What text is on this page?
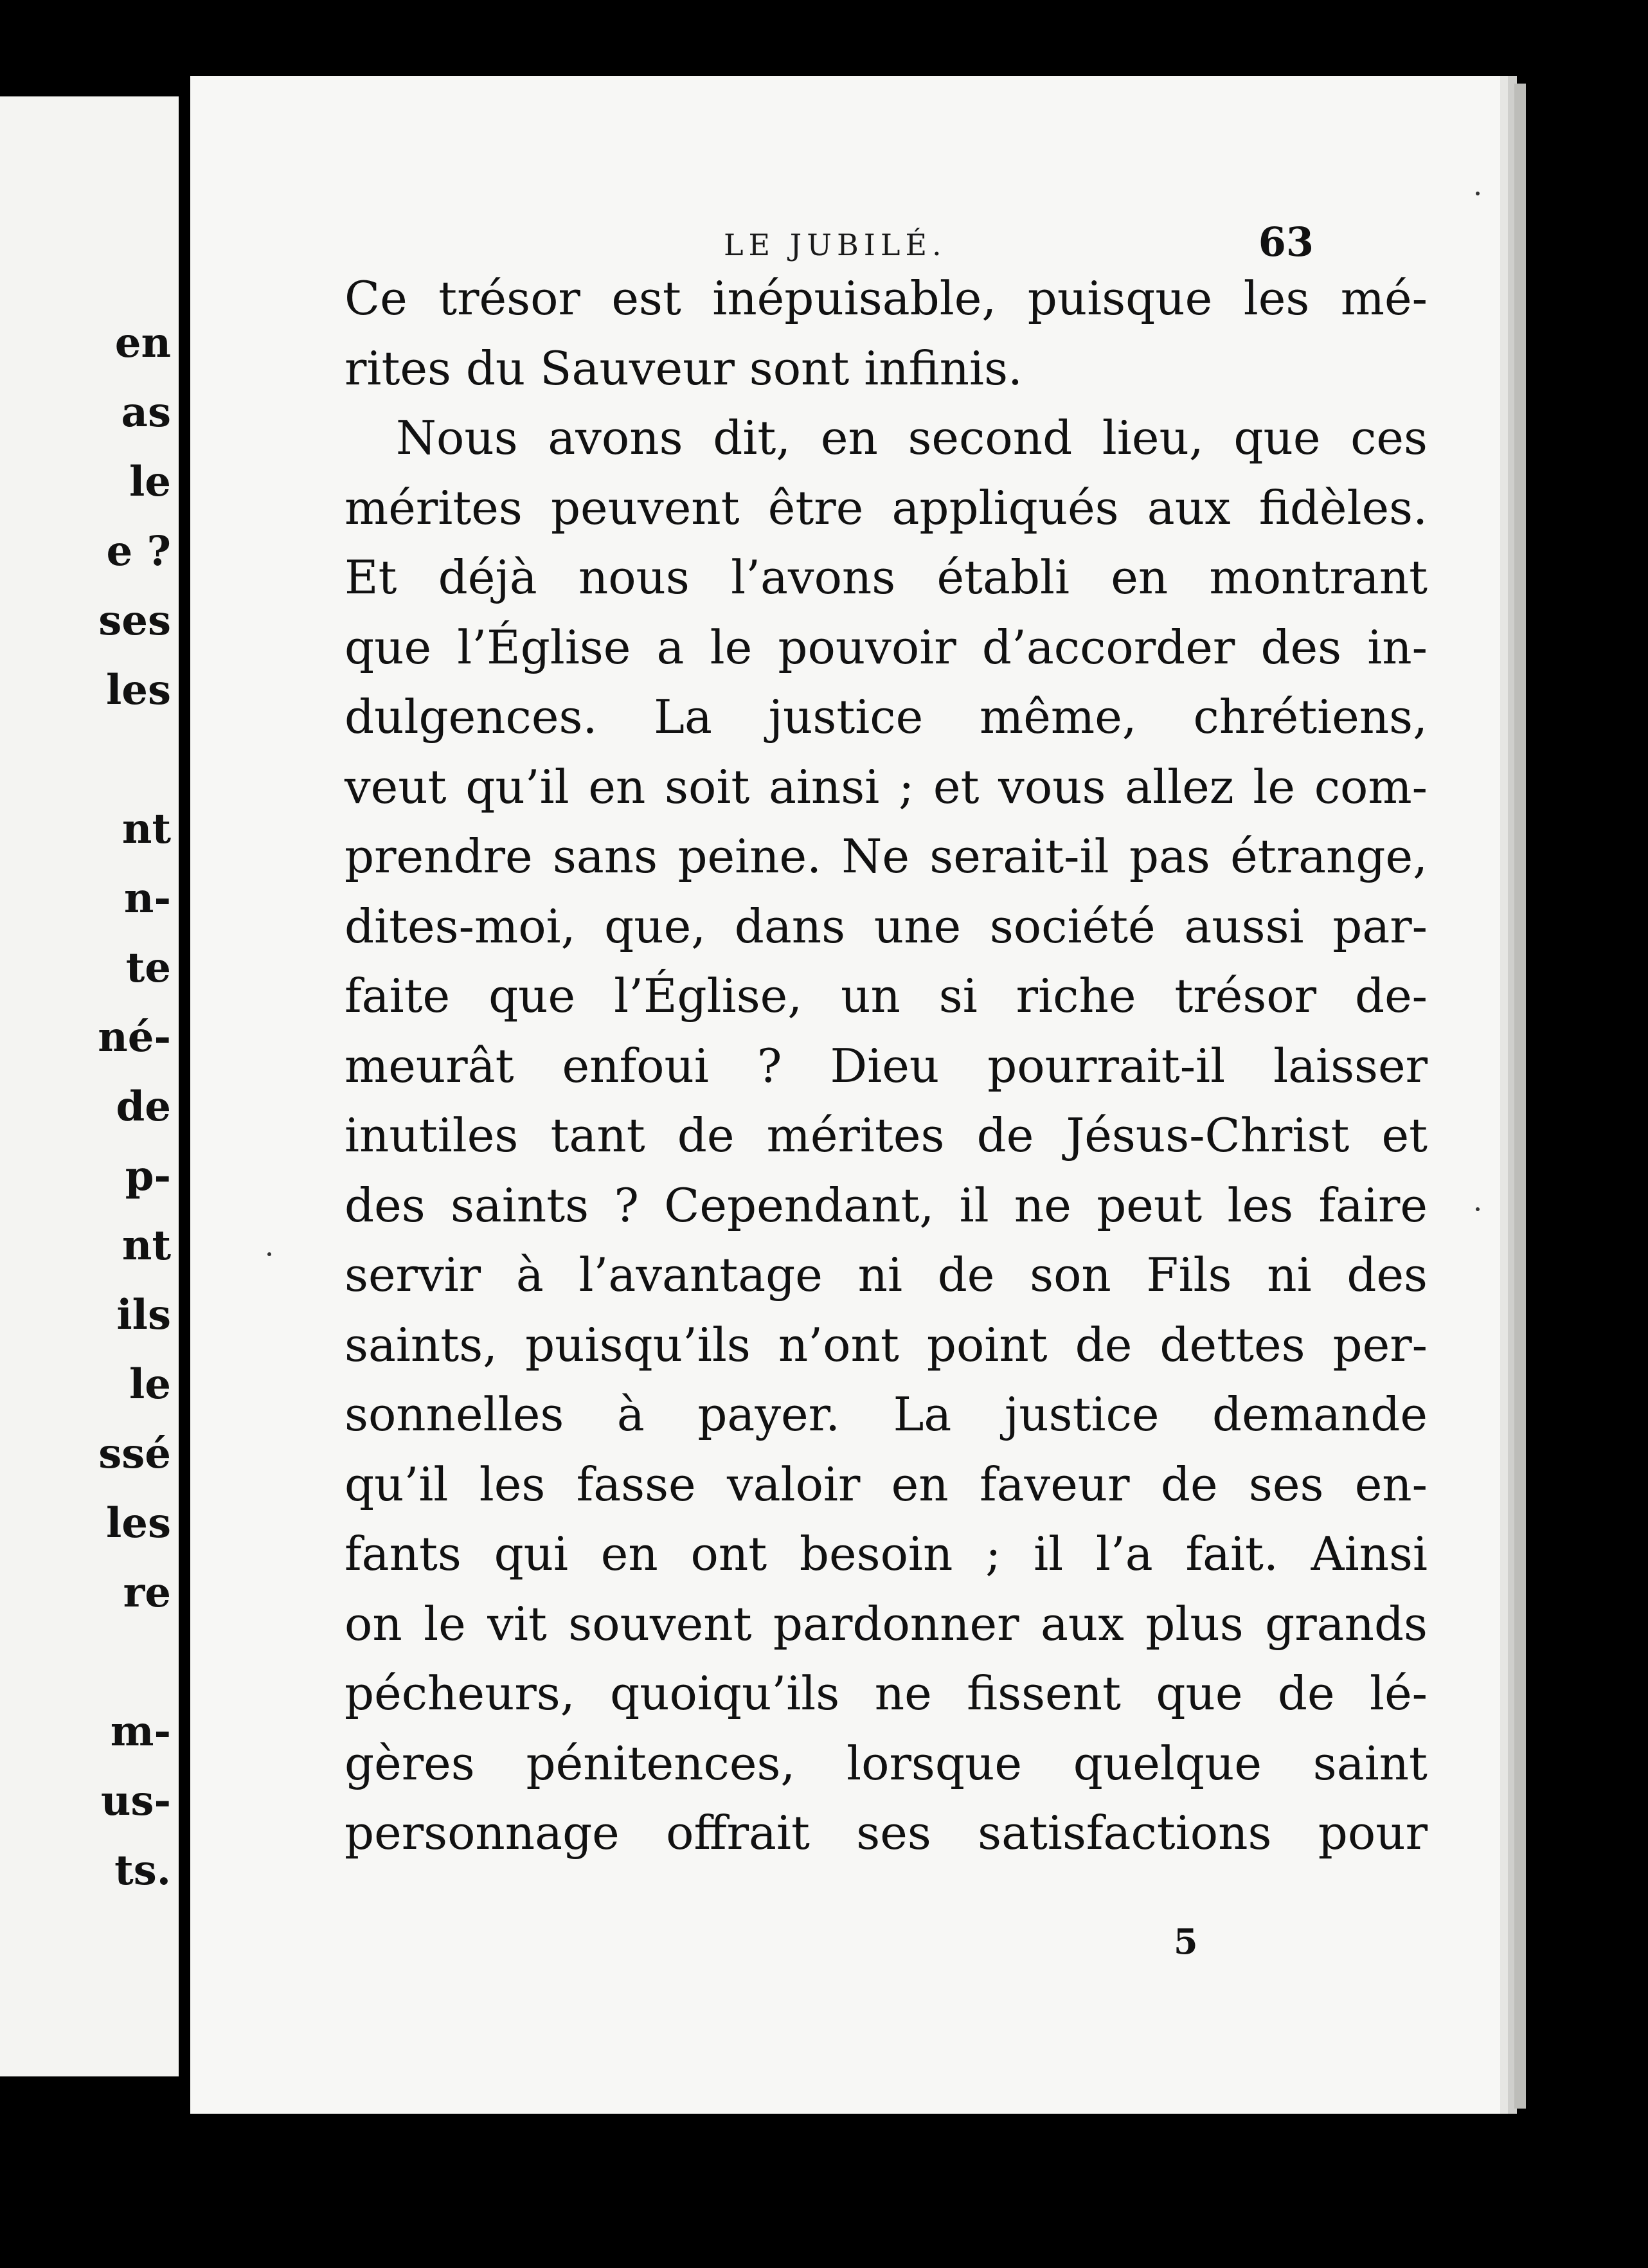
en
as
le
e ?
ses
les
nt
n-
te
né-
de
p-
nt
ils
le
ssé
les
re
m-
us-
ts.
LE JUBILÉ.	63
Ce trésor est inépuisable, puisque les mé-
rites du Sauveur sont infinis.
Nous avons dit, en second lieu, que ces
mérites peuvent être appliqués aux fidèles.
Et déjà nous l’avons établi en montrant
que l’Église a le pouvoir d’accorder des in-
dulgences. La justice même, chrétiens,
veut qu’il en soit ainsi ; et vous allez le com-
prendre sans peine. Ne serait-il pas étrange,
dites-moi, que, dans une société aussi par-
faite que l’Église, un si riche trésor de-
meurât enfoui ? Dieu pourrait-il laisser
inutiles tant de mérites de Jésus-Christ et
des saints ? Cependant, il ne peut les faire
servir à l’avantage ni de son Fils ni des
saints, puisqu’ils n’ont point de dettes per-
sonnelles à payer. La justice demande
qu’il les fasse valoir en faveur de ses en-
fants qui en ont besoin ; il l’a fait. Ainsi
on le vit souvent pardonner aux plus grands
pécheurs, quoiqu’ils ne fissent que de lé-
gères pénitences, lorsque quelque saint
personnage offrait ses satisfactions pour
5
